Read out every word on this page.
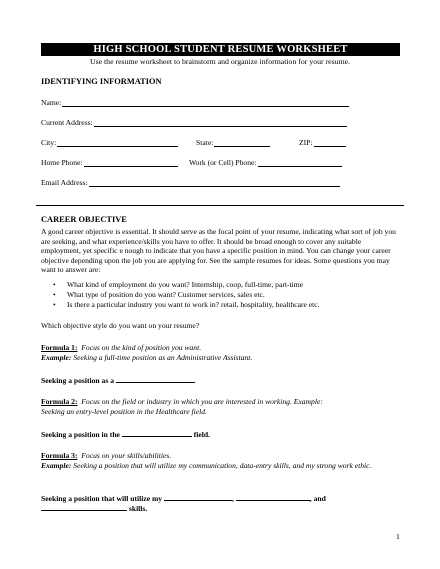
HIGH SCHOOL STUDENT RESUME WORKSHEET
Use the resume worksheet to brainstorm and organize information for your resume.
IDENTIFYING INFORMATION
Name:
Current Address:
City:	State:	ZIP:
Home Phone:	Work (or Cell) Phone:
Email Address:
CAREER OBJECTIVE
A good career objective is essential. It should serve as the focal point of your resume, indicating what sort of job you are seeking, and what experience/skills you have to offer. It should be broad enough to cover any suitable employment, yet specific e nough to indicate that you have a specific position in mind. You can change your career objective depending upon the job you are applying for. See the sample resumes for ideas. Some questions you may want to answer are:
• What kind of employment do you want? Internship, coop, full-time, part-time
• What type of position do you want? Customer services, sales etc.
• Is there a particular industry you want to work in? retail, hospitality, healthcare etc.
Which objective style do you want on your resume?
Formula 1: Focus on the kind of position you want.
Example: Seeking a full-time position as an Administrative Assistant.
Seeking a position as a	.
Formula 2: Focus on the field or industry in which you are interested in working. Example:
Seeking an entry-level position in the Healthcare field.
Seeking a position in the	field.
Formula 3: Focus on your skills/abilities.
Example: Seeking a position that will utilize my communication, data-entry skills, and my strong work ethic.
Seeking a position that will utilize my	,	, and
skills.
1
